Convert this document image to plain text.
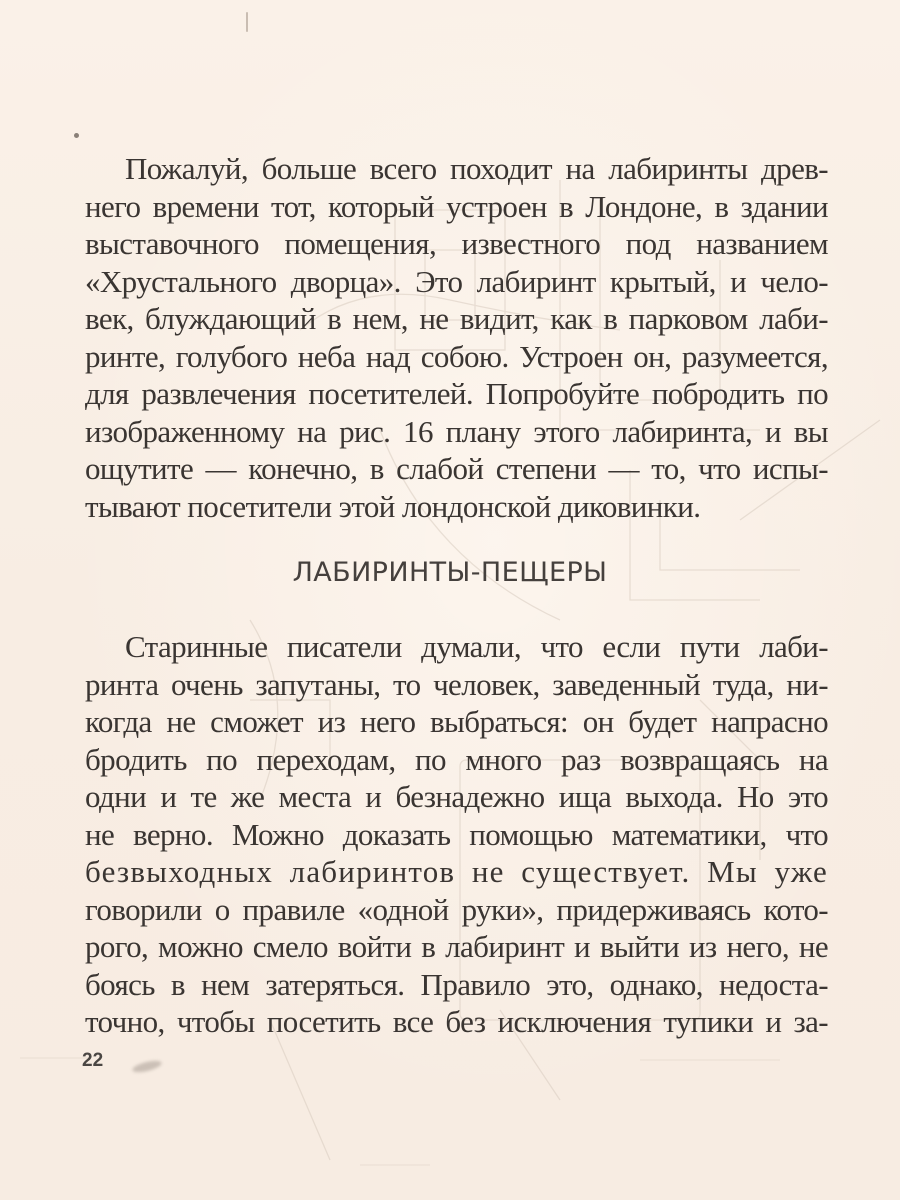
Пожалуй, больше всего походит на лабиринты древ-
него времени тот, который устроен в Лондоне, в здании
выставочного помещения, известного под названием
«Хрустального дворца». Это лабиринт крытый, и чело-
век, блуждающий в нем, не видит, как в парковом лаби-
ринте, голубого неба над собою. Устроен он, разумеется,
для развлечения посетителей. Попробуйте побродить по
изображенному на рис. 16 плану этого лабиринта, и вы
ощутите — конечно, в слабой степени — то, что испы-
тывают посетители этой лондонской диковинки.
ЛАБИРИНТЫ-ПЕЩЕРЫ
Старинные писатели думали, что если пути лаби-
ринта очень запутаны, то человек, заведенный туда, ни-
когда не сможет из него выбраться: он будет напрасно
бродить по переходам, по много раз возвращаясь на
одни и те же места и безнадежно ища выхода. Но это
не верно. Можно доказать помощью математики, что
безвыходных лабиринтов не существует. Мы уже
говорили о правиле «одной руки», придерживаясь кото-
рого, можно смело войти в лабиринт и выйти из него, не
боясь в нем затеряться. Правило это, однако, недоста-
точно, чтобы посетить все без исключения тупики и за-
22
